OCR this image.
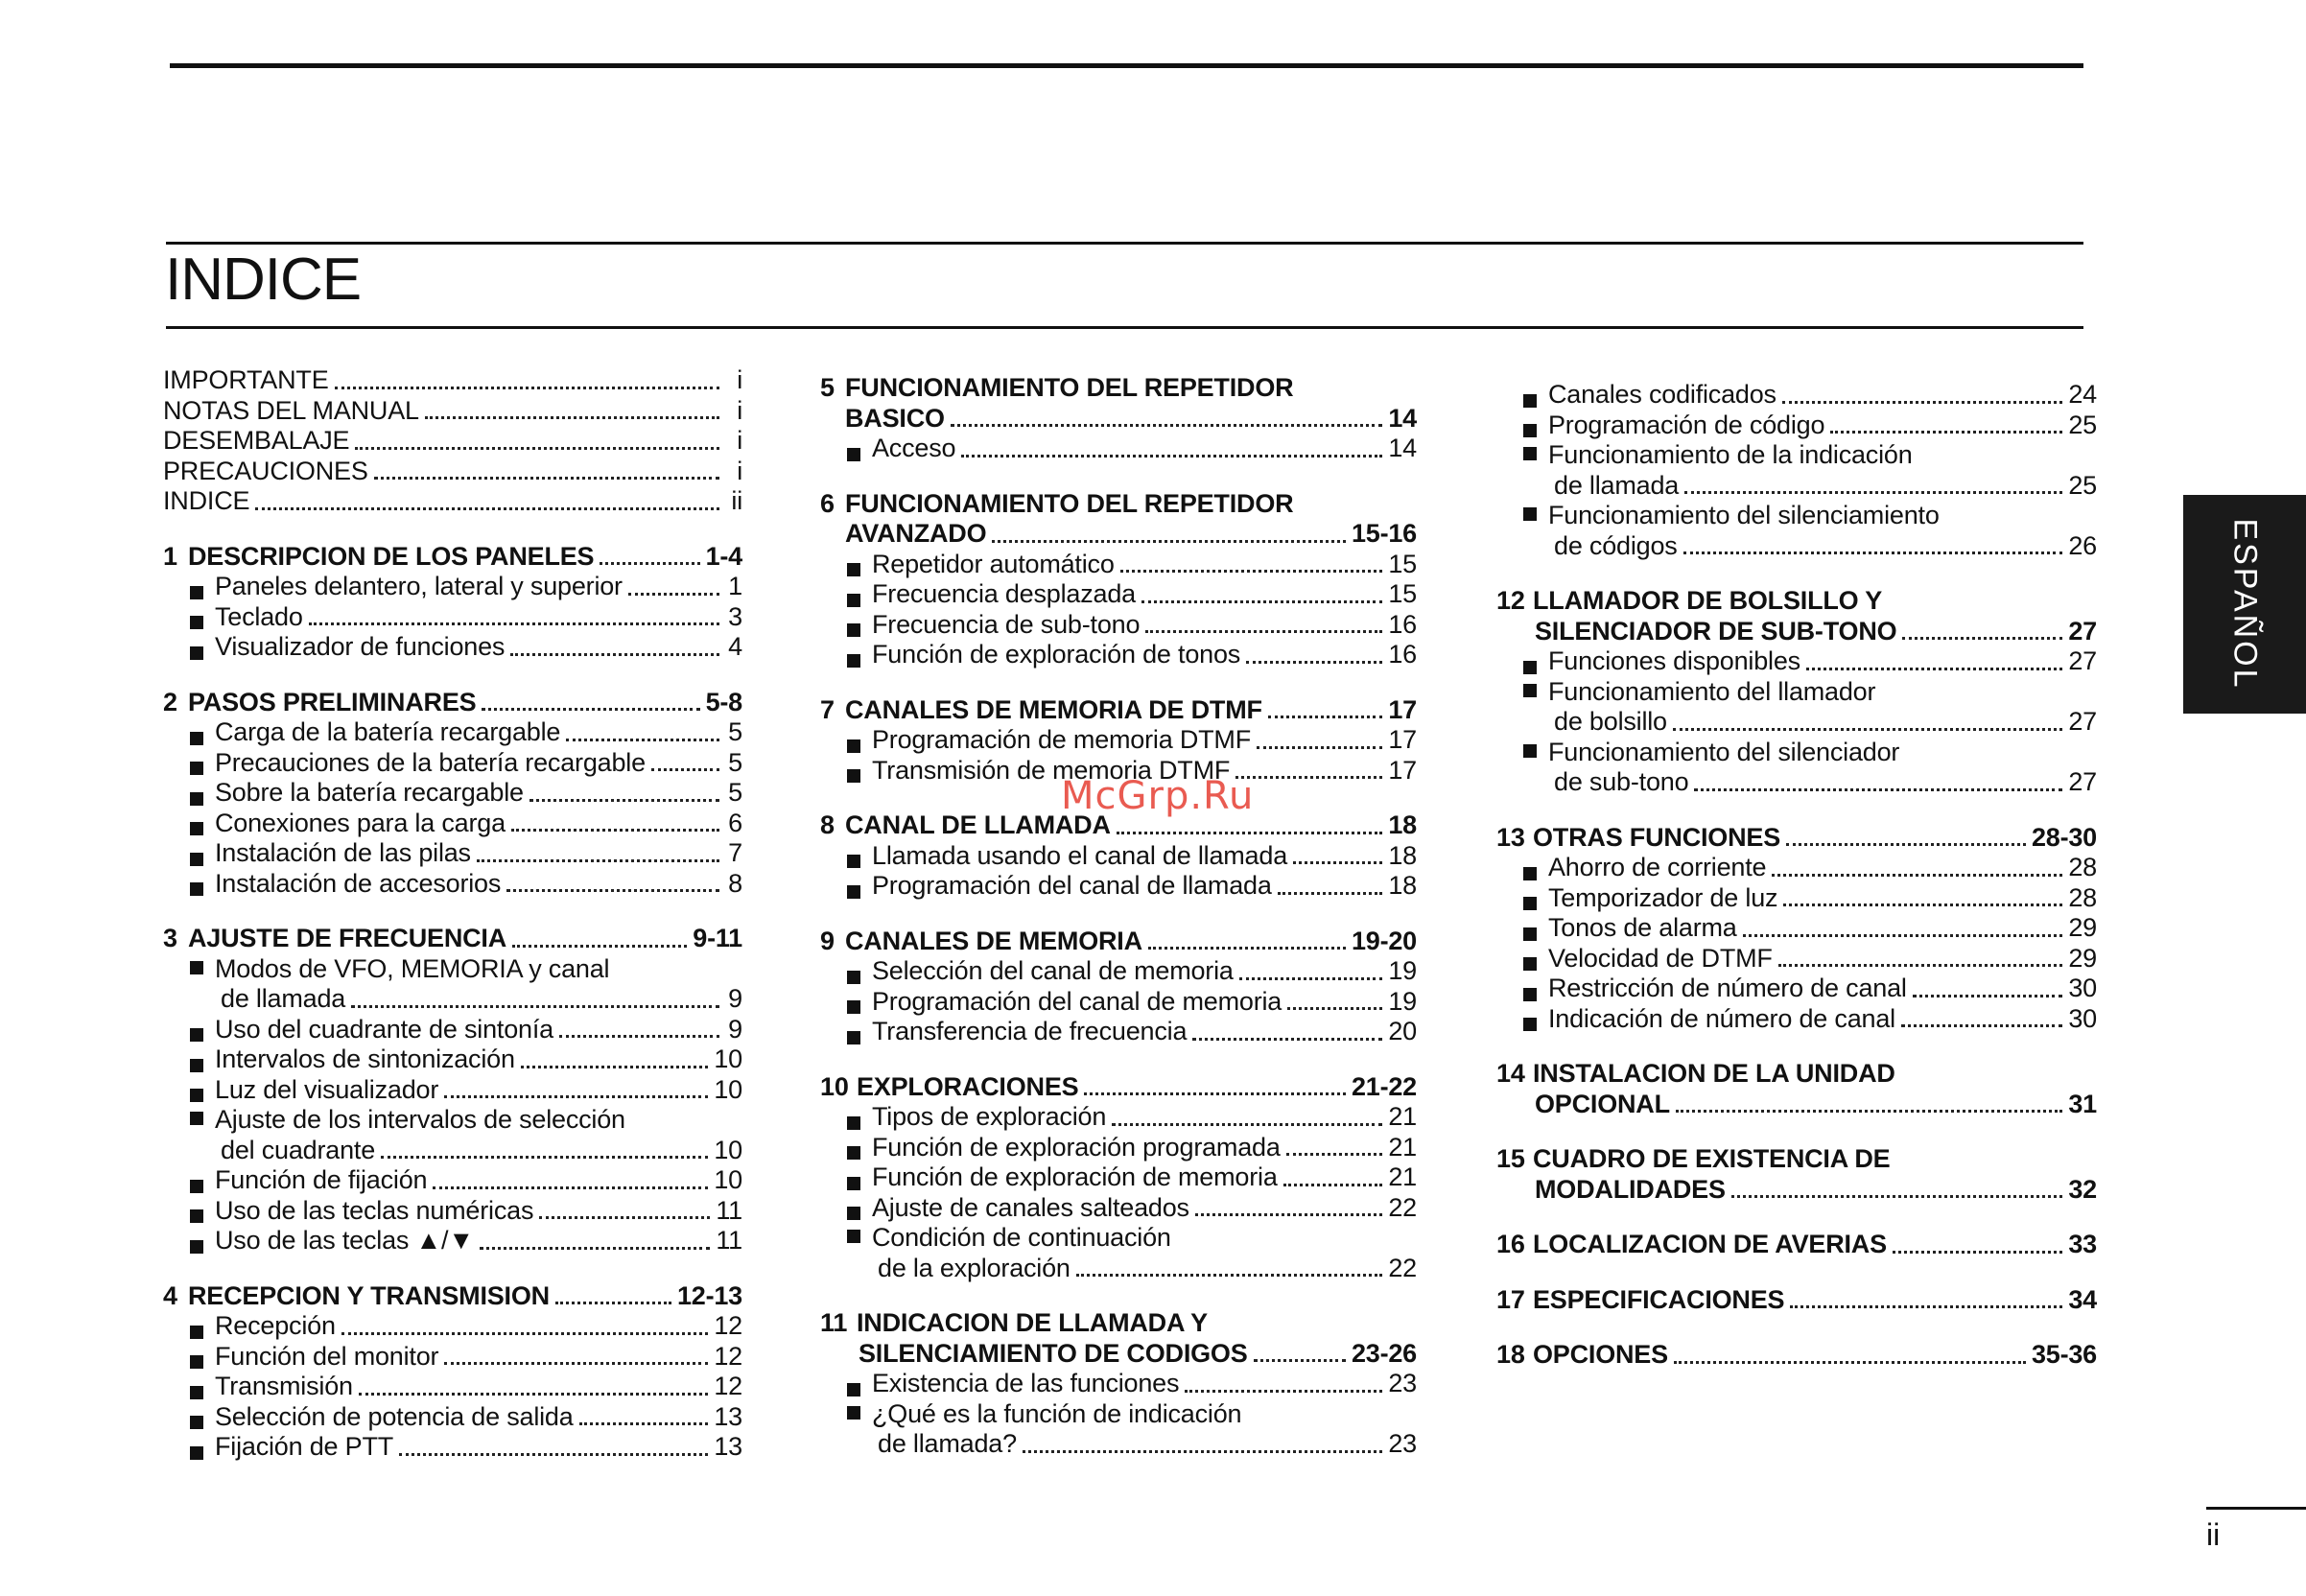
INDICE
IMPORTANTE	i
NOTAS DEL MANUAL	i
DESEMBALAJE	i
PRECAUCIONES	i
INDICE	ii
1 DESCRIPCION DE LOS PANELES	1-4
Paneles delantero, lateral y superior	1
Teclado	3
Visualizador de funciones	4
2 PASOS PRELIMINARES	5-8
Carga de la batería recargable	5
Precauciones de la batería recargable	5
Sobre la batería recargable	5
Conexiones para la carga	6
Instalación de las pilas	7
Instalación de accesorios	8
3 AJUSTE DE FRECUENCIA	9-11
Modos de VFO, MEMORIA y canal
de llamada	9
Uso del cuadrante de sintonía	9
Intervalos de sintonización	10
Luz del visualizador	10
Ajuste de los intervalos de selección
del cuadrante	10
Función de fijación	10
Uso de las teclas numéricas	11
Uso de las teclas ▲/▼	11
4 RECEPCION Y TRANSMISION	12-13
Recepción	12
Función del monitor	12
Transmisión	12
Selección de potencia de salida	13
Fijación de PTT	13
5 FUNCIONAMIENTO DEL REPETIDOR
BASICO	14
Acceso	14
6 FUNCIONAMIENTO DEL REPETIDOR
AVANZADO	15-16
Repetidor automático	15
Frecuencia desplazada	15
Frecuencia de sub-tono	16
Función de exploración de tonos	16
7 CANALES DE MEMORIA DE DTMF	17
Programación de memoria DTMF	17
Transmisión de memoria DTMF	17
8 CANAL DE LLAMADA	18
Llamada usando el canal de llamada	18
Programación del canal de llamada	18
9 CANALES DE MEMORIA	19-20
Selección del canal de memoria	19
Programación del canal de memoria	19
Transferencia de frecuencia	20
10 EXPLORACIONES	21-22
Tipos de exploración	21
Función de exploración programada	21
Función de exploración de memoria	21
Ajuste de canales salteados	22
Condición de continuación
de la exploración	22
11 INDICACION DE LLAMADA Y
SILENCIAMIENTO DE CODIGOS	23-26
Existencia de las funciones	23
¿Qué es la función de indicación
de llamada?	23
Canales codificados	24
Programación de código	25
Funcionamiento de la indicación
de llamada	25
Funcionamiento del silenciamiento
de códigos	26
12 LLAMADOR DE BOLSILLO Y
SILENCIADOR DE SUB-TONO	27
Funciones disponibles	27
Funcionamiento del llamador
de bolsillo	27
Funcionamiento del silenciador
de sub-tono	27
13 OTRAS FUNCIONES	28-30
Ahorro de corriente	28
Temporizador de luz	28
Tonos de alarma	29
Velocidad de DTMF	29
Restricción de número de canal	30
Indicación de número de canal	30
14 INSTALACION DE LA UNIDAD
OPCIONAL	31
15 CUADRO DE EXISTENCIA DE
MODALIDADES	32
16 LOCALIZACION DE AVERIAS	33
17 ESPECIFICACIONES	34
18 OPCIONES	35-36
ESPAÑOL
ii
McGrp.Ru
